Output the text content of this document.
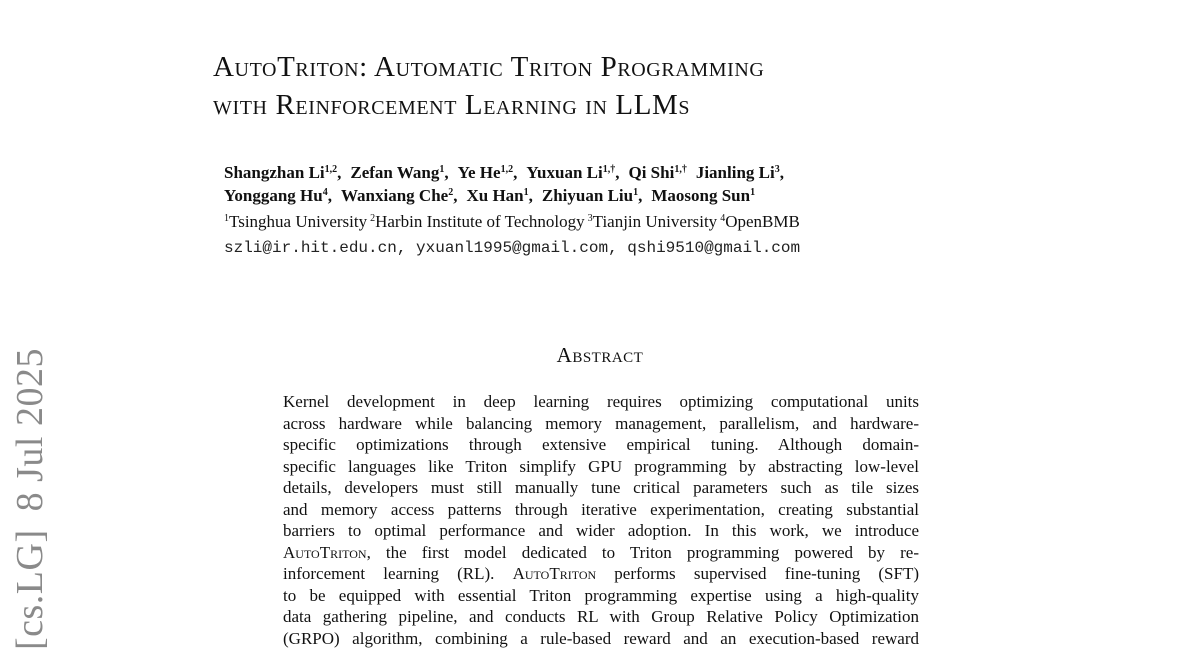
AutoTriton: Automatic Triton Programming
with Reinforcement Learning in LLMs
Shangzhan Li$^{1,2}$, Zefan Wang$^1$, Ye He$^{1,2}$, Yuxuan $Li^{1,\dagger}$, Qi Shi$^{1,\dagger}$ Jianling Li$^3$,
Yonggang Hu$^4$, Wanxiang Che$^2$, Xu Han$^1$, Zhiyuan Liu$^1$, Maosong Sun$^1$
$^1$Tsinghua University $^2$Harbin Institute of Technology $^3$Tianjin University $^4$OpenBMB
szli@ir.hit.edu.cn, yxuanl1995@gmail.com, qshi9510@gmail.com
[cs.LG]8 Jul 2025	Abstract
Kernel development in deep learning requires optimizing computational units
across hardware while balancing memory management, parallelism, and hardware-
specific optimizations through extensive empirical tuning. Although domain-
specific languages like Triton simplify GPU programming by abstracting low-level
details, developers must still manually tune critical parameters such as tile sizes
and memory access patterns through iterative experimentation, creating substantial
barriers to optimal performance and wider adoption. In this work, we introduce
AutoTriton, the first model dedicated to Triton programming powered by re-
inforcement learning (RL). AutoTriton performs supervised fine-tuning (SFT)
to be equipped with essential Triton programming expertise using a high-quality
data gathering pipeline, and conducts RL with Group Relative Policy Optimization
(GRPO) algorithm, combining a rule-based reward and an execution-based reward
